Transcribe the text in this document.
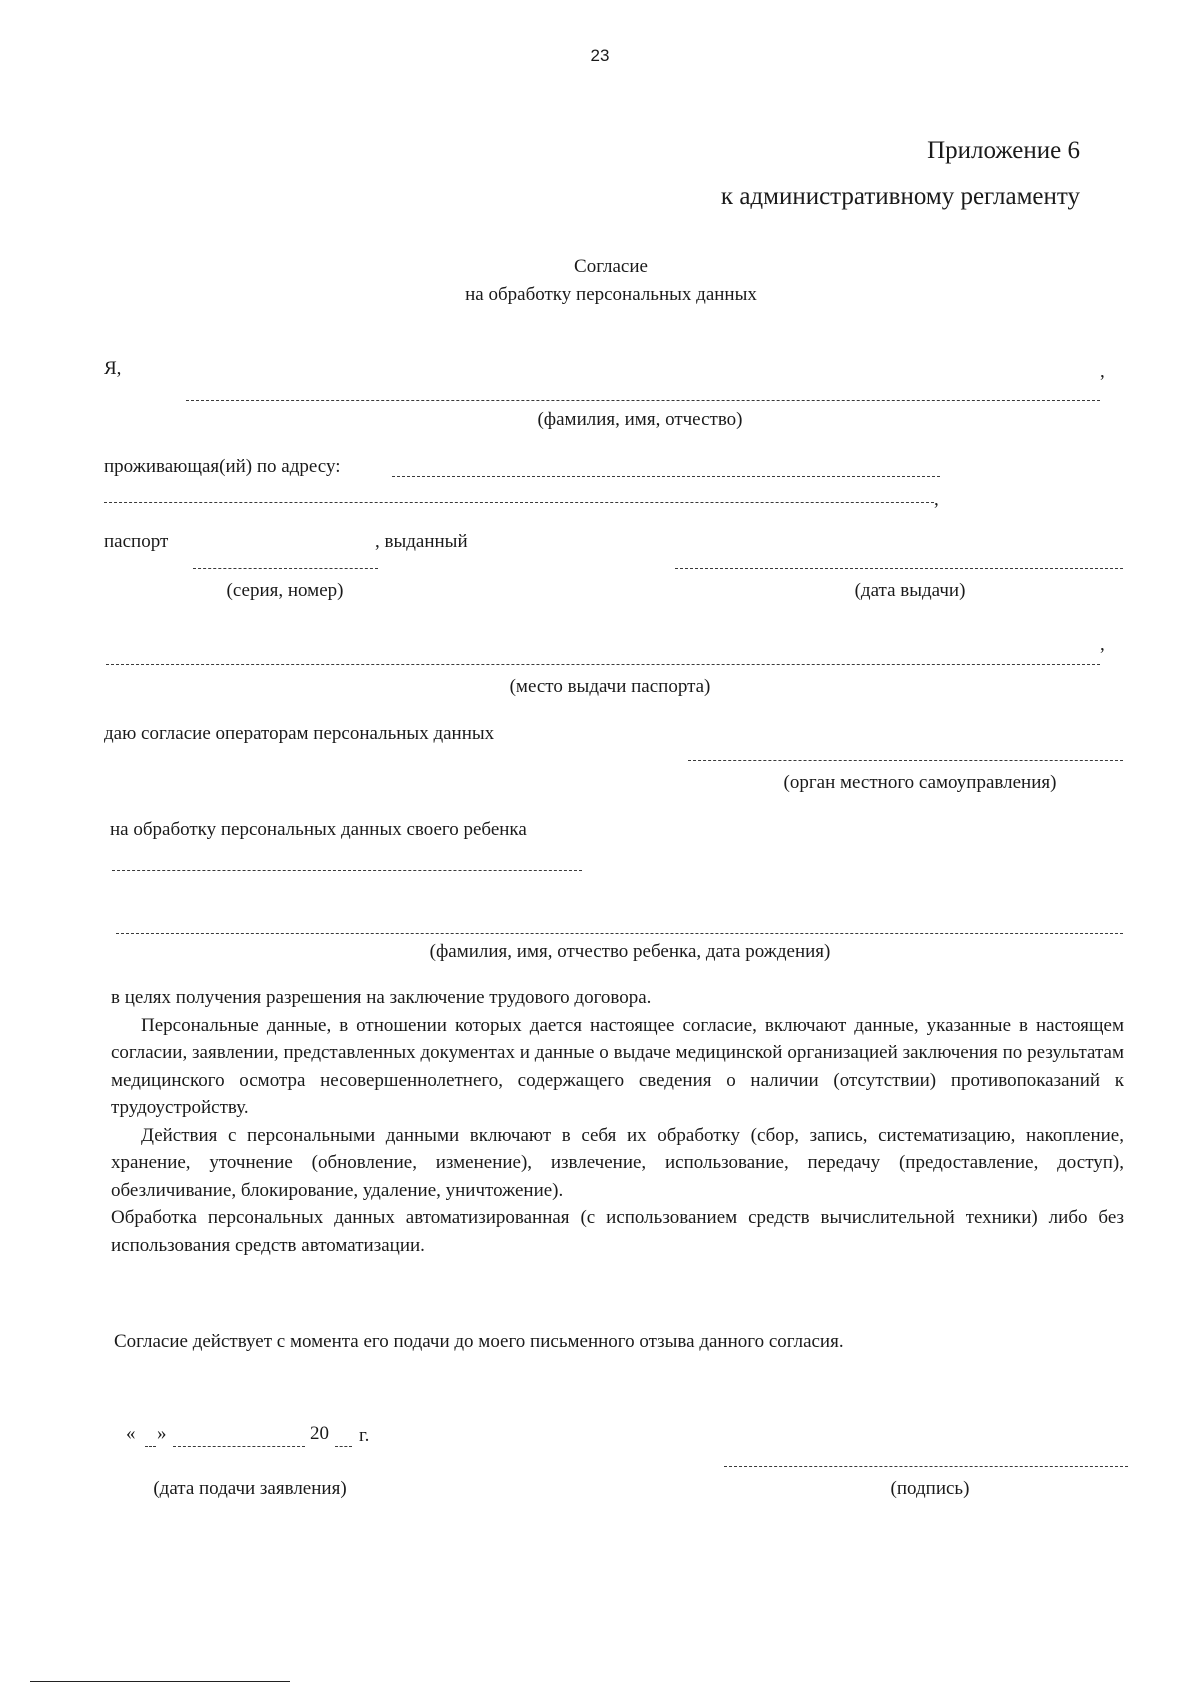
23
Приложение 6
к административному регламенту
Согласие
на обработку персональных данных
Я,	,
(фамилия, имя, отчество)
проживающая(ий) по адресу:
,
паспорт	, выданный
(серия, номер)	(дата выдачи)
,
(место выдачи паспорта)
даю согласие операторам персональных данных
(орган местного самоуправления)
на обработку персональных данных своего ребенка
(фамилия, имя, отчество ребенка, дата рождения)

в целях получения разрешения на заключение трудового договора.

Персональные данные, в отношении которых дается настоящее согласие, включают данные, указанные в настоящем согласии, заявлении, представленных документах и данные о выдаче медицинской организацией заключения по результатам медицинского осмотра несовершеннолетнего, содержащего сведения о наличии (отсутствии) противопоказаний к трудоустройству.

Действия с персональными данными включают в себя их обработку (сбор, запись, систематизацию, накопление, хранение, уточнение (обновление, изменение), извлечение, использование, передачу (предоставление, доступ), обезличивание, блокирование, удаление, уничтожение).

Обработка персональных данных автоматизированная (с использованием средств вычислительной техники) либо без использования средств автоматизации.

Согласие действует с момента его подачи до моего письменного отзыва данного согласия.
« »	20 г.
(дата подачи заявления)	(подпись)
